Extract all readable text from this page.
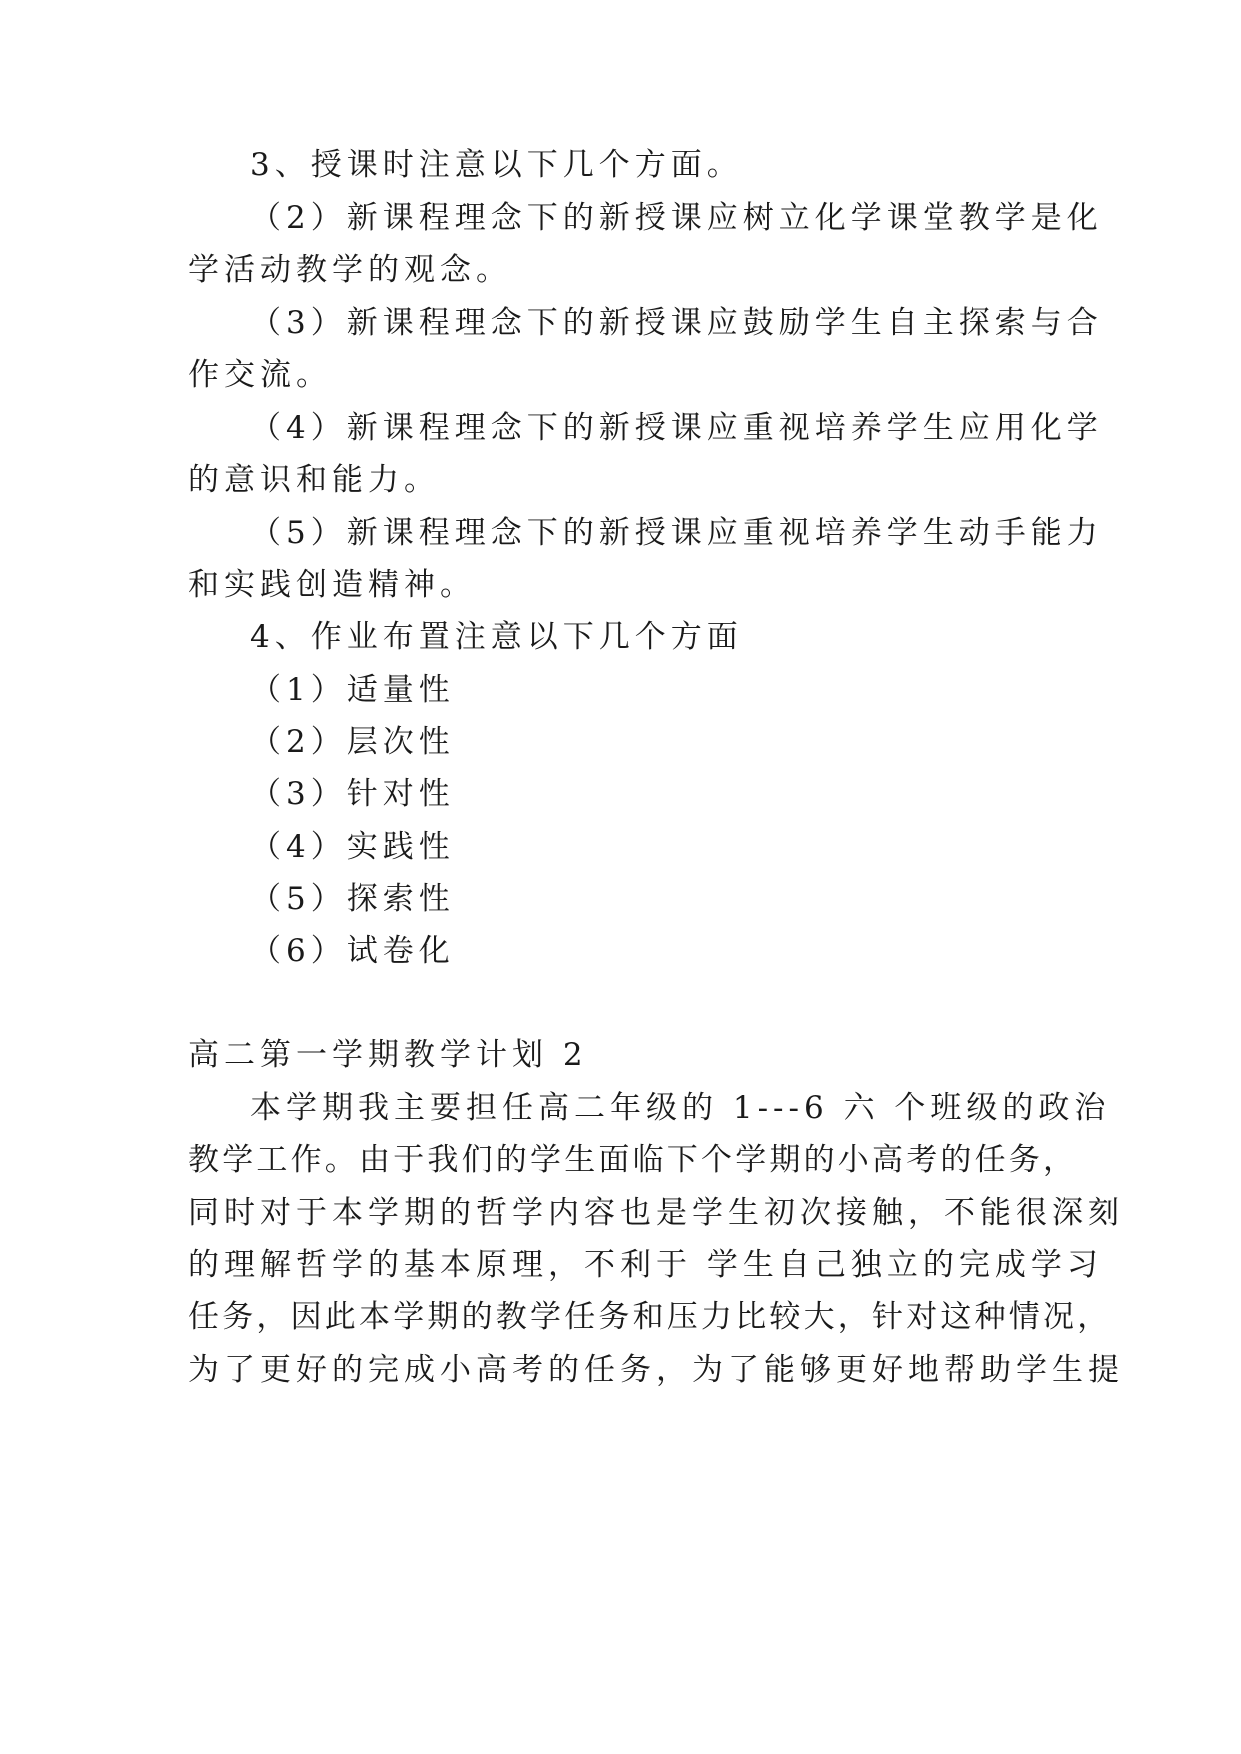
3、授课时注意以下几个方面。
（2）新课程理念下的新授课应树立化学课堂教学是化
学活动教学的观念。
（3）新课程理念下的新授课应鼓励学生自主探索与合
作交流。
（4）新课程理念下的新授课应重视培养学生应用化学
的意识和能力。
（5）新课程理念下的新授课应重视培养学生动手能力
和实践创造精神。
4、作业布置注意以下几个方面
（1）适量性
（2）层次性
（3）针对性
（4）实践性
（5）探索性
（6）试卷化
高二第一学期教学计划 2
本学期我主要担任高二年级的 1---6 六 个班级的政治
教学工作。由于我们的学生面临下个学期的小高考的任务，
同时对于本学期的哲学内容也是学生初次接触，不能很深刻
的理解哲学的基本原理，不利于 学生自己独立的完成学习
任务，因此本学期的教学任务和压力比较大，针对这种情况，
为了更好的完成小高考的任务，为了能够更好地帮助学生提
